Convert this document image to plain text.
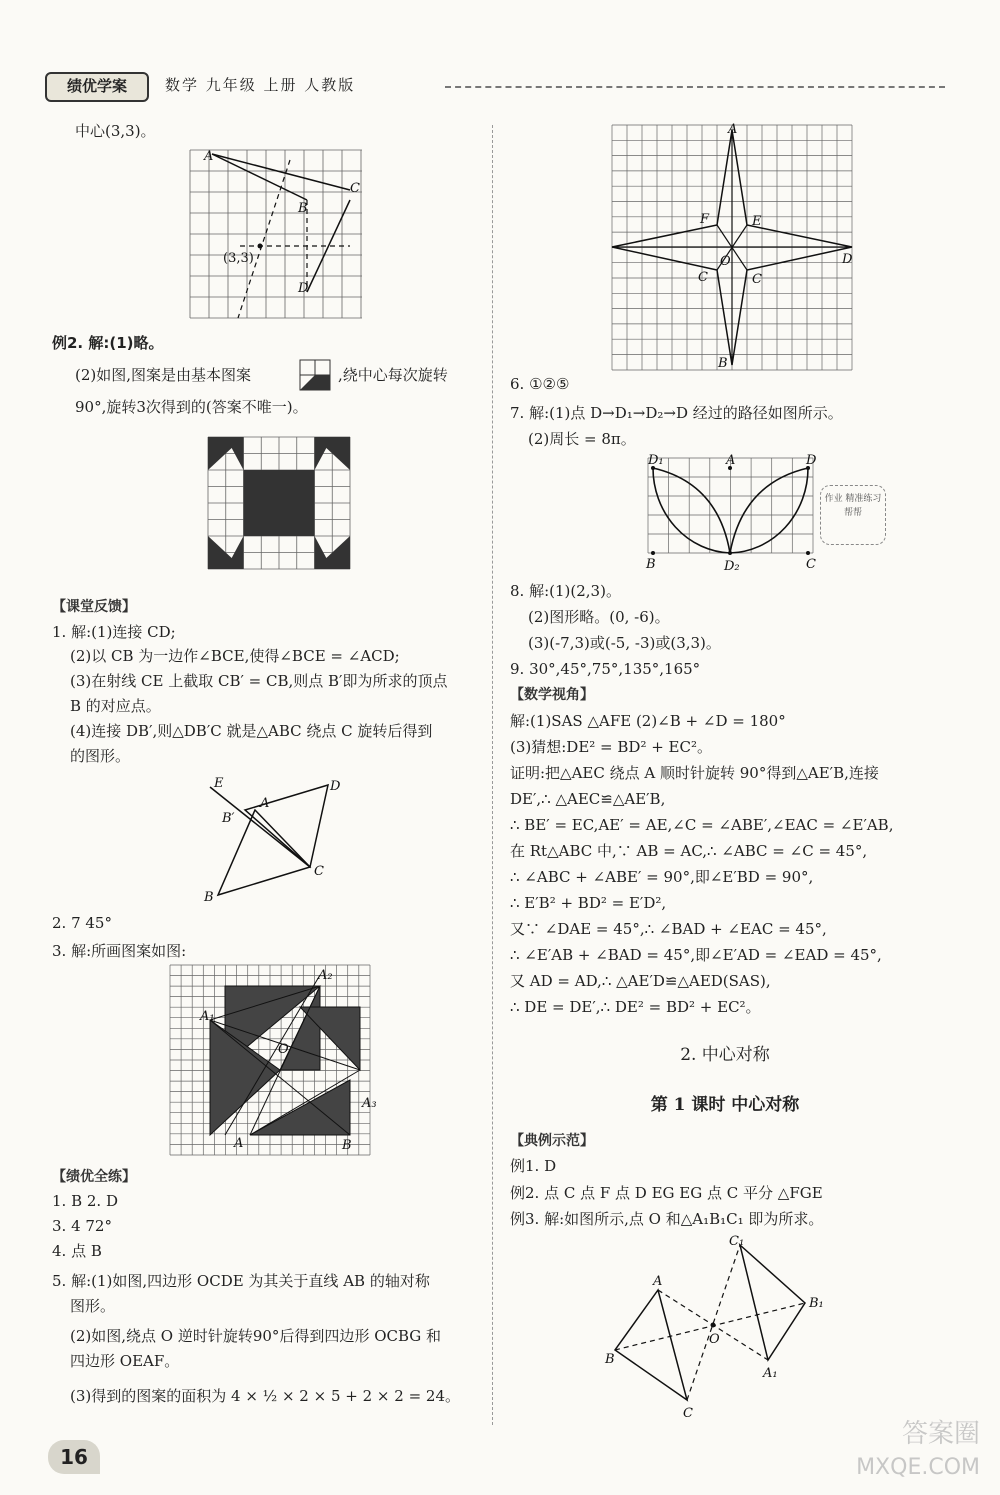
绩优学案	数学 九年级 上册 人教版
中心(3,3)。
A
B
C
D
(3,3)
例2. 解:(1)略。
(2)如图,图案是由基本图案	,绕中心每次旋转
90°,旋转3次得到的(答案不唯一)。
【课堂反馈】
1. 解:(1)连接 CD;
(2)以 CB 为一边作∠BCE,使得∠BCE = ∠ACD;
(3)在射线 CE 上截取 CB′ = CB,则点 B′即为所求的顶点
B 的对应点。
(4)连接 DB′,则△DB′C 就是△ABC 绕点 C 旋转后得到
的图形。
E	D
A
B′
C
B
2. 7 45°
3. 解:所画图案如图:
A₂
A₁
O
A₃
A	B
【绩优全练】
1. B 2. D
3. 4 72°
4. 点 B
5. 解:(1)如图,四边形 OCDE 为其关于直线 AB 的轴对称
图形。
(2)如图,绕点 O 逆时针旋转90°后得到四边形 OCBG 和
四边形 OEAF。
(3)得到的图案的面积为 4 × ½ × 2 × 5 + 2 × 2 = 24。
16
A
F	E
C
O
C
D
B
6. ①②⑤
7. 解:(1)点 D→D₁→D₂→D 经过的路径如图所示。
(2)周长 = 8π。
D₁	A	D
B	D₂	C
作业 精准练习 帮帮
8. 解:(1)(2,3)。
(2)图形略。(0, -6)。
(3)(-7,3)或(-5, -3)或(3,3)。
9. 30°,45°,75°,135°,165°
【数学视角】
解:(1)SAS △AFE (2)∠B + ∠D = 180°
(3)猜想:DE² = BD² + EC²。
证明:把△AEC 绕点 A 顺时针旋转 90°得到△AE′B,连接
DE′,∴ △AEC≌△AE′B,
∴ BE′ = EC,AE′ = AE,∠C = ∠ABE′,∠EAC = ∠E′AB,
在 Rt△ABC 中,∵ AB = AC,∴ ∠ABC = ∠C = 45°,
∴ ∠ABC + ∠ABE′ = 90°,即∠E′BD = 90°,
∴ E′B² + BD² = E′D²,
又∵ ∠DAE = 45°,∴ ∠BAD + ∠EAC = 45°,
∴ ∠E′AB + ∠BAD = 45°,即∠E′AD = ∠EAD = 45°,
又 AD = AD,∴ △AE′D≌△AED(SAS),
∴ DE = DE′,∴ DE² = BD² + EC²。
2. 中心对称
第 1 课时 中心对称
【典例示范】
例1. D
例2. 点 C 点 F 点 D EG EG 点 C 平分 △FGE
例3. 解:如图所示,点 O 和△A₁B₁C₁ 即为所求。
C₁
A
B₁
O
B
A₁
C
答案圈
MXQE.COM
